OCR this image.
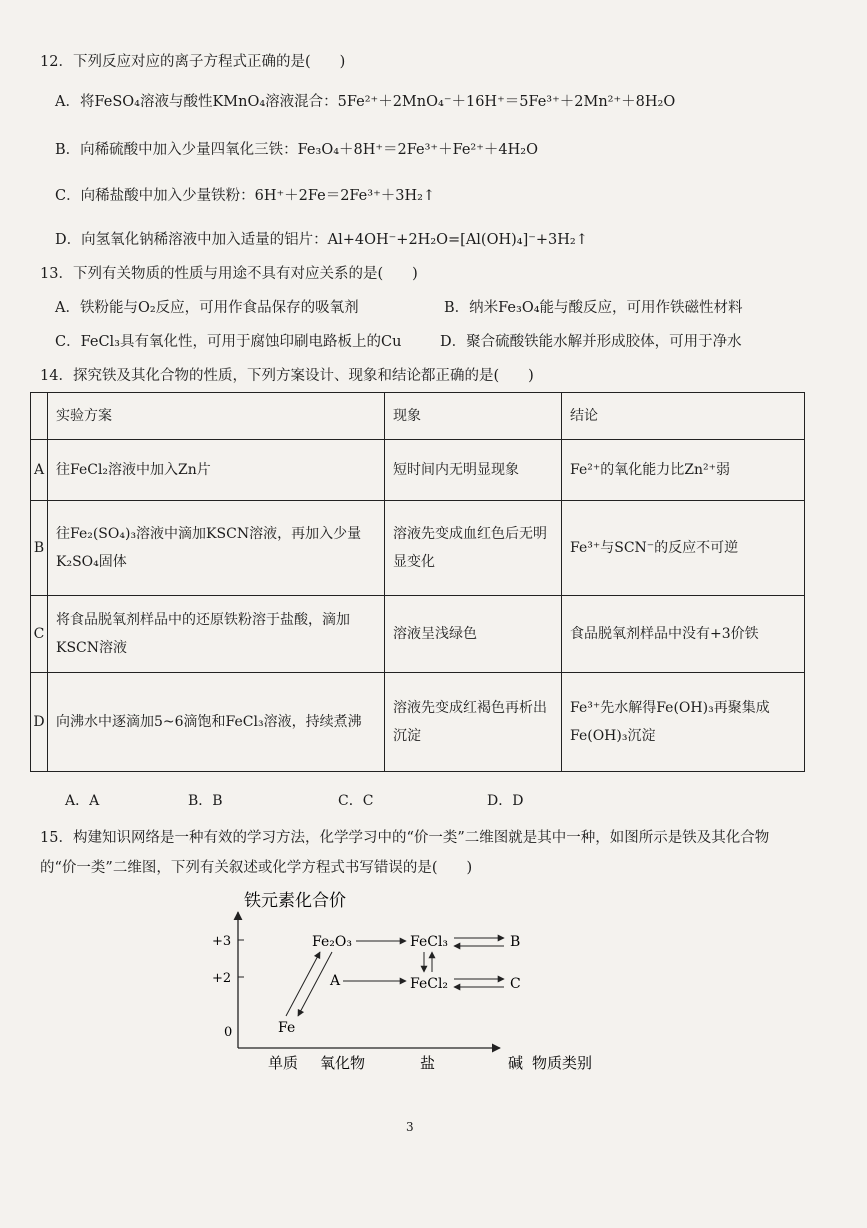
12．下列反应对应的离子方程式正确的是(　　)
A．将FeSO₄溶液与酸性KMnO₄溶液混合：5Fe²⁺＋2MnO₄⁻＋16H⁺＝5Fe³⁺＋2Mn²⁺＋8H₂O
B．向稀硫酸中加入少量四氧化三铁：Fe₃O₄＋8H⁺＝2Fe³⁺＋Fe²⁺＋4H₂O
C．向稀盐酸中加入少量铁粉：6H⁺＋2Fe＝2Fe³⁺＋3H₂↑
D．向氢氧化钠稀溶液中加入适量的铝片：Al+4OH⁻+2H₂O=[Al(OH)₄]⁻+3H₂↑
13．下列有关物质的性质与用途不具有对应关系的是(　　)
A．铁粉能与O₂反应，可用作食品保存的吸氧剂	B．纳米Fe₃O₄能与酸反应，可用作铁磁性材料
C．FeCl₃具有氧化性，可用于腐蚀印刷电路板上的Cu	D．聚合硫酸铁能水解并形成胶体，可用于净水
14．探究铁及其化合物的性质，下列方案设计、现象和结论都正确的是(　　)
	实验方案	现象	结论
A	往FeCl₂溶液中加入Zn片	短时间内无明显现象	Fe²⁺的氧化能力比Zn²⁺弱
B	往Fe₂(SO₄)₃溶液中滴加KSCN溶液，再加入少量K₂SO₄固体	溶液先变成血红色后无明显变化	Fe³⁺与SCN⁻的反应不可逆
C	将食品脱氧剂样品中的还原铁粉溶于盐酸，滴加KSCN溶液	溶液呈浅绿色	食品脱氧剂样品中没有+3价铁
D	向沸水中逐滴加5~6滴饱和FeCl₃溶液，持续煮沸	溶液先变成红褐色再析出沉淀	Fe³⁺先水解得Fe(OH)₃再聚集成Fe(OH)₃沉淀
A．A	B．B	C．C	D．D
15．构建知识网络是一种有效的学习方法，化学学习中的“价一类”二维图就是其中一种，如图所示是铁及其化合物
的“价一类”二维图，下列有关叙述或化学方程式书写错误的是(　　)
铁元素化合价
+3
+2
0
单质 氧化物	盐	碱 物质类别
Fe₂O₃	FeCl₃	B
A	FeCl₂	C
Fe
3
